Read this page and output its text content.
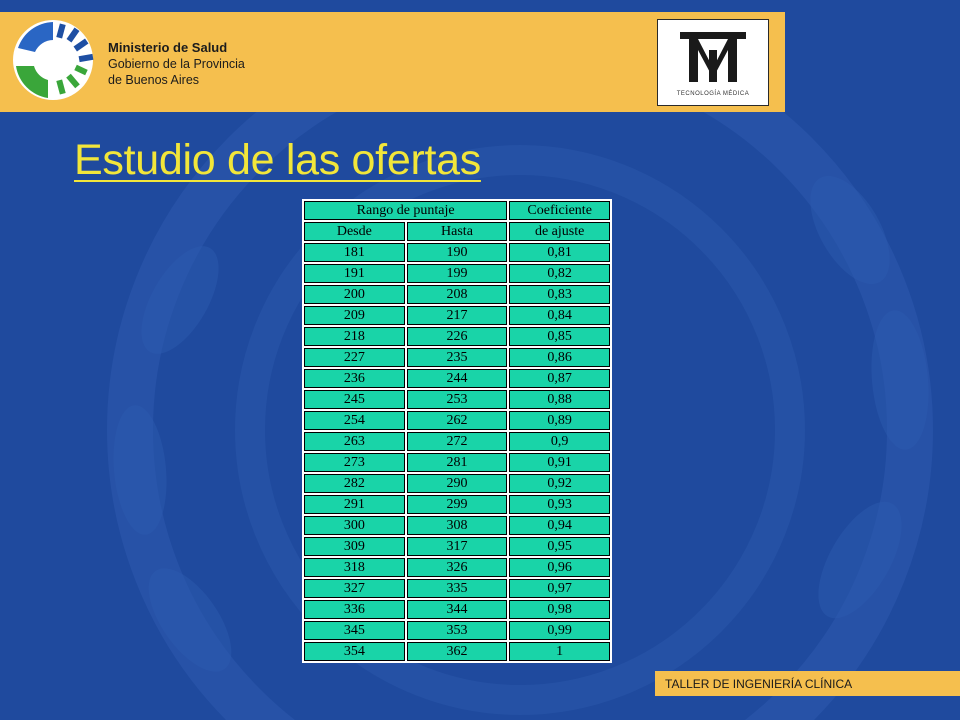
Ministerio de Salud
Gobierno de la Provincia
de Buenos Aires
TECNOLOGÍA MÉDICA
Estudio de las ofertas
Rango de puntaje		Coeficiente
Desde	Hasta	de ajuste
181	190	0,81
191	199	0,82
200	208	0,83
209	217	0,84
218	226	0,85
227	235	0,86
236	244	0,87
245	253	0,88
254	262	0,89
263	272	0,9
273	281	0,91
282	290	0,92
291	299	0,93
300	308	0,94
309	317	0,95
318	326	0,96
327	335	0,97
336	344	0,98
345	353	0,99
354	362	1
TALLER DE INGENIERÍA CLÍNICA
